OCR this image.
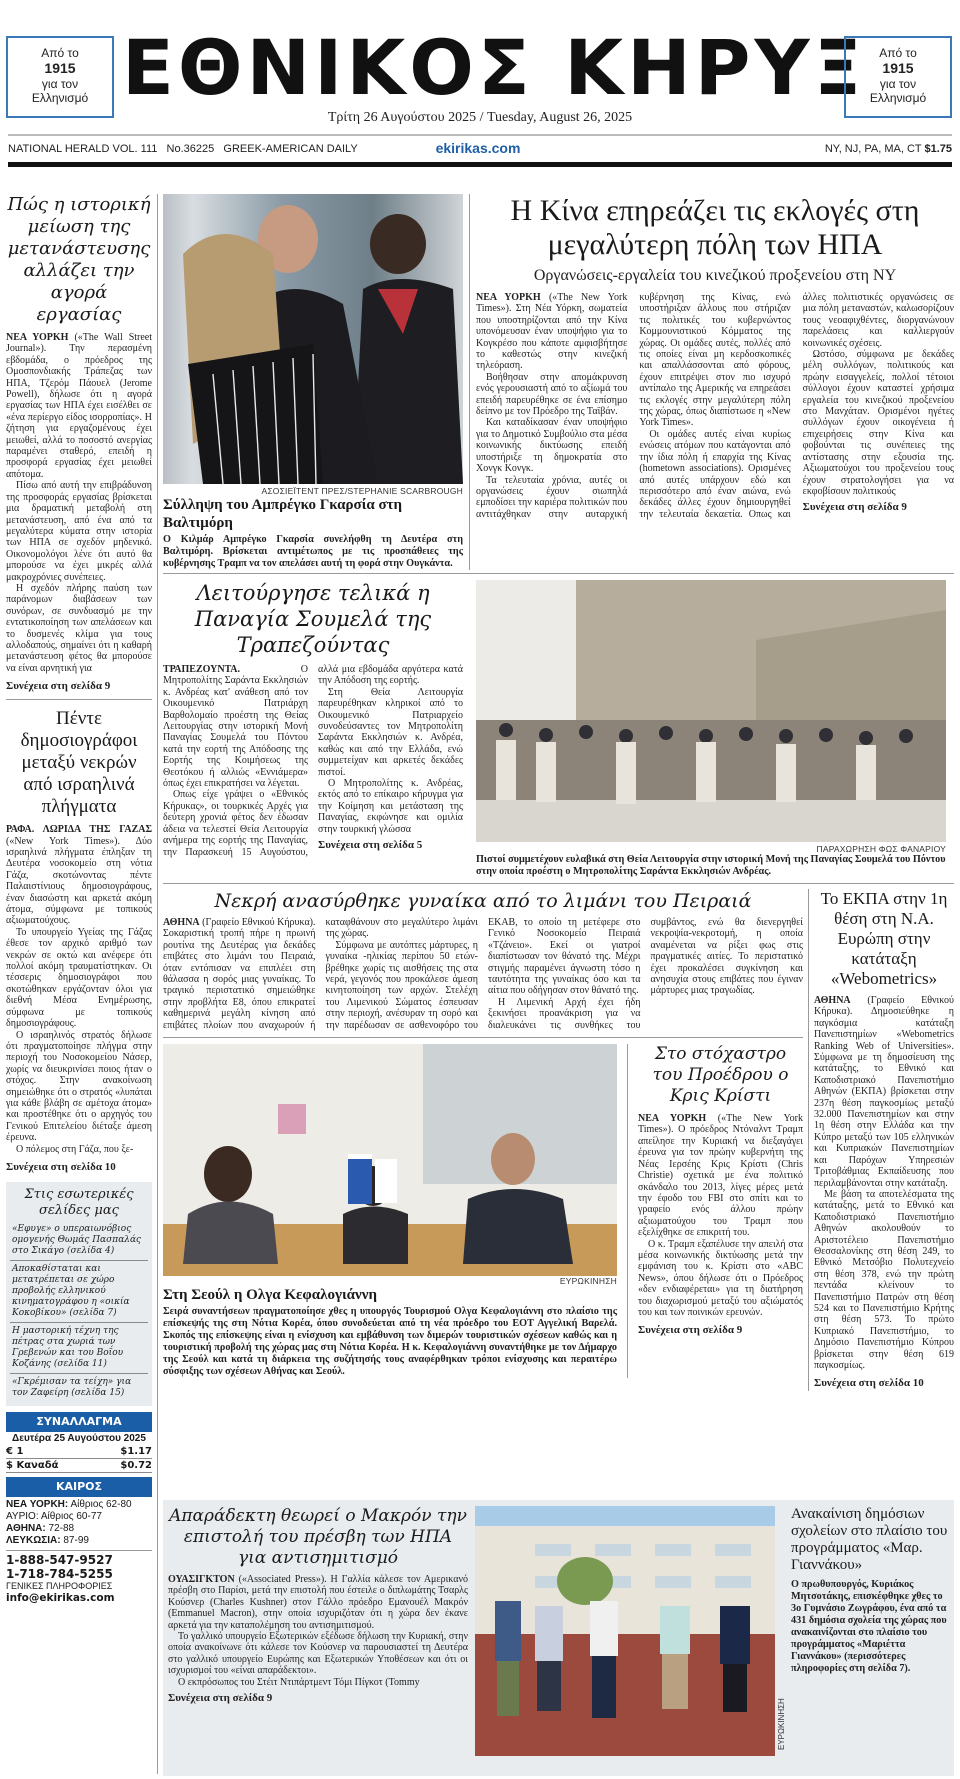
Από το
1915
για τον
Ελληνισμό ΕΘΝΙΚΟΣ ΚΗΡΥΞ	Από το
1915
για τον
Ελληνισμό
Τρίτη 26 Αυγούστου 2025 / Tuesday, August 26, 2025
NATIONAL HERALD VOL. 111   No.36225   GREEK-AMERICAN DAILY	ekirikas.com	NY, NJ, PA, MA, CT $1.75
Πώς η ιστορική μείωση της μετανάστευσης αλλάζει την αγορά εργασίας

ΝΕΑ ΥΟΡΚΗ («The Wall Street Journal»). Την περασμένη εβδομάδα, ο πρόεδρος της Ομοσπονδιακής Τράπεζας των ΗΠΑ, Τζερόμ Πάουελ (Jerome Powell), δήλωσε ότι η αγορά εργασίας των ΗΠΑ έχει εισέλθει σε «ένα περίεργο είδος ισορροπίας». Η ζήτηση για εργαζομένους έχει μειωθεί, αλλά το ποσοστό ανεργίας παραμένει σταθερό, επειδή η προσφορά εργασίας έχει μειωθεί απότομα.

Πίσω από αυτή την επιβράδυνση της προσφοράς εργασίας βρίσκεται μια δραματική μεταβολή στη μετανάστευση, από ένα από τα μεγαλύτερα κύματα στην ιστορία των ΗΠΑ σε σχεδόν μηδενικό. Οικονομολόγοι λένε ότι αυτό θα μπορούσε να έχει μικρές αλλά μακροχρόνιες συνέπειες.

Η σχεδόν πλήρης παύση των παράνομων διαβάσεων των συνόρων, σε συνδυασμό με την εντατικοποίηση των απελάσεων και το δυσμενές κλίμα για τους αλλοδαπούς, σημαίνει ότι η καθαρή μετανάστευση φέτος θα μπορούσε να είναι αρνητική για

Συνέχεια στη σελίδα 9
Πέντε δημοσιογράφοι μεταξύ νεκρών από ισραηλινά πλήγματα

ΡΑΦΑ. ΛΩΡΙΔΑ ΤΗΣ ΓΑΖΑΣ («New York Times»). Δύο ισραηλινά πλήγματα έπληξαν τη Δευτέρα νοσοκομείο στη νότια Γάζα, σκοτώνοντας πέντε Παλαιστίνιους δημοσιογράφους, έναν διασώστη και αρκετά ακόμη άτομα, σύμφωνα με τοπικούς αξιωματούχους.

Το υπουργείο Υγείας της Γάζας έθεσε τον αρχικό αριθμό των νεκρών σε οκτώ και ανέφερε ότι πολλοί ακόμη τραυματίστηκαν. Οι τέσσερις δημοσιογράφοι που σκοτώθηκαν εργάζονταν όλοι για διεθνή Μέσα Ενημέρωσης, σύμφωνα με τοπικούς δημοσιογράφους.

Ο ισραηλινός στρατός δήλωσε ότι πραγματοποίησε πλήγμα στην περιοχή του Νοσοκομείου Νάσερ, χωρίς να διευκρινίσει ποιος ήταν ο στόχος. Στην ανακοίνωση σημειώθηκε ότι ο στρατός «λυπάται για κάθε βλάβη σε αμέτοχα άτομα» και προστέθηκε ότι ο αρχηγός του Γενικού Επιτελείου διέταξε άμεση έρευνα.

Ο πόλεμος στη Γάζα, που ξε-

Συνέχεια στη σελίδα 10
Στις εσωτερικές σελίδες μας
«Εφυγε» ο υπεραιωνόβιος ομογενής Θωμάς Πασπαλάς στο Σικάγο (σελίδα 4)
Αποκαθίσταται και μετατρέπεται σε χώρο προβολής ελληνικού κινηματογράφου η «οικία Κοκοβίκου» (σελίδα 7)
Η μαστορική τέχνη της πέτρας στα χωριά των Γρεβενών και του Βοΐου Κοζάνης (σελίδα 11)
«Γκρέμισαν τα τείχη» για τον Ζαφείρη (σελίδα 15)
ΣΥΝΑΛΛΑΓΜΑ
Δευτέρα 25 Αυγούστου 2025
€ 1	$1.17
$ Καναδά	$0.72
ΚΑΙΡΟΣ
ΝΕΑ ΥΟΡΚΗ: Αίθριος 62-80
ΑΥΡΙΟ: Αίθριος 60-77
ΑΘΗΝΑ: 72-88
ΛΕΥΚΩΣΙΑ: 87-99
1-888-547-9527
1-718-784-5255
ΓΕΝΙΚΕΣ ΠΛΗΡΟΦΟΡΙΕΣ
info@ekirikas.com
ΑΣΟΣΙΕΪΤΕΝΤ ΠΡΕΣ/STEPHANIE SCARBROUGH
Σύλληψη του Αμπρέγκο Γκαρσία στη Βαλτιμόρη
Ο Κιλμάρ Αμπρέγκο Γκαρσία συνελήφθη τη Δευτέρα στη Βαλτιμόρη. Βρίσκεται αντιμέτωπος με τις προσπάθειες της κυβέρνησης Τραμπ να τον απελάσει αυτή τη φορά στην Ουγκάντα.
Η Κίνα επηρεάζει τις εκλογές στη μεγαλύτερη πόλη των ΗΠΑ
Οργανώσεις-εργαλεία του κινεζικού προξενείου στη ΝΥ

ΝΕΑ ΥΟΡΚΗ («The New York Times»). Στη Νέα Υόρκη, σωματεία που υποστηρίζονται από την Κίνα υπονόμευσαν έναν υποψήφιο για το Κογκρέσο που κάποτε αμφισβήτησε το καθεστώς στην κινεζική τηλεόραση.

Βοήθησαν στην απομάκρυνση ενός γερουσιαστή από το αξίωμά του επειδή παρευρέθηκε σε ένα επίσημο δείπνο με τον Πρόεδρο της Ταϊβάν.

Και καταδίκασαν έναν υποψήφιο για το Δημοτικό Συμβούλιο στα μέσα κοινωνικής δικτύωσης επειδή υποστήριξε τη δημοκρατία στο Χονγκ Κονγκ.

Τα τελευταία χρόνια, αυτές οι οργανώσεις έχουν σιωπηλά εμποδίσει την καριέρα πολιτικών που αντιτάχθηκαν στην αυταρχική κυβέρνηση της Κίνας, ενώ υποστήριξαν άλλους που στήριζαν τις πολιτικές του κυβερνώντος Κομμουνιστικού Κόμματος της χώρας. Οι ομάδες αυτές, πολλές από τις οποίες είναι μη κερδοσκοπικές και απαλλάσσονται από φόρους, έχουν επιτρέψει στον πιο ισχυρό αντίπαλο της Αμερικής να επηρεάσει τις εκλογές στην μεγαλύτερη πόλη της χώρας, όπως διαπίστωσε η «New York Times».

Οι ομάδες αυτές είναι κυρίως ενώσεις ατόμων που κατάγονται από την ίδια πόλη ή επαρχία της Κίνας (hometown associations). Ορισμένες από αυτές υπάρχουν εδώ και περισσότερο από έναν αιώνα, ενώ δεκάδες άλλες έχουν δημιουργηθεί την τελευταία δεκαετία. Οπως και άλλες πολιτιστικές οργανώσεις σε μια πόλη μεταναστών, καλωσορίζουν τους νεοαφιχθέντες, διοργανώνουν παρελάσεις και καλλιεργούν κοινωνικές σχέσεις.

Ωστόσο, σύμφωνα με δεκάδες μέλη συλλόγων, πολιτικούς και πρώην εισαγγελείς, πολλοί τέτοιοι σύλλογοι έχουν καταστεί χρήσιμα εργαλεία του κινεζικού προξενείου στο Μανχάταν. Ορισμένοι ηγέτες συλλόγων έχουν οικογένεια ή επιχειρήσεις στην Κίνα και φοβούνται τις συνέπειες της αντίστασης στην εξουσία της. Αξιωματούχοι του προξενείου τους έχουν στρατολογήσει για να εκφοβίσουν πολιτικούς

Συνέχεια στη σελίδα 9

Λειτούργησε τελικά η Παναγία Σουμελά της Τραπεζούντας

ΤΡΑΠΕΖΟΥΝΤΑ.	Ο Μητροπολίτης Σαράντα Εκκλησιών κ. Ανδρέας κατ' ανάθεση από τον Οικουμενικό Πατριάρχη Βαρθολομαίο προέστη της Θείας Λειτουργίας στην ιστορική Μονή Παναγίας Σουμελά του Πόντου κατά την εορτή της Απόδοσης της Εορτής της Κοιμήσεως της Θεοτόκου ή αλλιώς «Εννιάμερα» όπως έχει επικρατήσει να λέγεται.

Οπως είχε γράψει ο «Εθνικός Κήρυκας», οι τουρκικές Αρχές για δεύτερη χρονιά φέτος δεν έδωσαν άδεια να τελεστεί Θεία Λειτουργία ανήμερα της εορτής της Παναγίας, την Παρασκευή 15 Αυγούστου, αλλά μια εβδομάδα αργότερα κατά την Απόδοση της εορτής.

Στη Θεία Λειτουργία παρευρέθηκαν κληρικοί από το Οικουμενικό Πατριαρχείο συνοδεύσαντες τον Μητροπολίτη Σαράντα Εκκλησιών κ. Ανδρέα, καθώς και από την Ελλάδα, ενώ συμμετείχαν και αρκετές δεκάδες πιστοί.

Ο Μητροπολίτης κ. Ανδρέας, εκτός από το επίκαιρο κήρυγμα για την Κοίμηση και μετάσταση της Παναγίας, εκφώνησε και ομιλία στην τουρκική γλώσσα

Συνέχεια στη σελίδα 5	ΠΑΡΑΧΩΡΗΣΗ ΦΩΣ ΦΑΝΑΡΙΟΥ
Πιστοί συμμετέχουν ευλαβικά στη Θεία Λειτουργία στην ιστορική Μονή της Παναγίας Σουμελά του Πόντου στην οποία προέστη ο Μητροπολίτης Σαράντα Εκκλησιών Ανδρέας.
Νεκρή ανασύρθηκε γυναίκα από το λιμάνι του Πειραιά

ΑΘΗΝΑ (Γραφείο Εθνικού Κήρυκα). Σοκαριστική τροπή πήρε η πρωινή ρουτίνα της Δευτέρας για δεκάδες επιβάτες στο λιμάνι του Πειραιά, όταν εντόπισαν να επιπλέει στη θάλασσα η σορός μιας γυναίκας. Το τραγικό περιστατικό σημειώθηκε στην προβλήτα Ε8, όπου επικρατεί καθημερινά μεγάλη κίνηση από επιβάτες πλοίων που αναχωρούν ή καταφθάνουν στο μεγαλύτερο λιμάνι της χώρας.

Σύμφωνα με αυτόπτες μάρτυρες, η γυναίκα -ηλικίας περίπου 50 ετών- βρέθηκε χωρίς τις αισθήσεις της στα νερά, γεγονός που προκάλεσε άμεση κινητοποίηση των αρχών. Στελέχη του Λιμενικού Σώματος έσπευσαν στην περιοχή, ανέσυραν τη σορό και την παρέδωσαν σε ασθενοφόρο του ΕΚΑΒ, το οποίο τη μετέφερε στο Γενικό Νοσοκομείο Πειραιά «Τζάνειο». Εκεί οι γιατροί διαπίστωσαν τον θάνατό της. Μέχρι στιγμής παραμένει άγνωστη τόσο η ταυτότητα της γυναίκας όσο και τα αίτια που οδήγησαν στον θάνατό της.

Η Λιμενική Αρχή έχει ήδη ξεκινήσει προανάκριση για να διαλευκάνει τις συνθήκες του συμβάντος, ενώ θα διενεργηθεί νεκροψία-νεκροτομή, η οποία αναμένεται να ρίξει φως στις πραγματικές αιτίες. Το περιστατικό έχει προκαλέσει συγκίνηση και ανησυχία στους επιβάτες που έγιναν μάρτυρες μιας τραγωδίας.

ΕΥΡΩΚΙΝΗΣΗ
Στη Σεούλ η Ολγα Κεφαλογιάννη
Σειρά συναντήσεων πραγματοποίησε χθες η υπουργός Τουρισμού Ολγα Κεφαλογιάννη στο πλαίσιο της επίσκεψής της στη Νότια Κορέα, όπου συνοδεύεται από τη νέα πρόεδρο του ΕΟΤ Αγγελική Βαρελά. Σκοπός της επίσκεψης είναι η ενίσχυση και εμβάθυνση των διμερών τουριστικών σχέσεων καθώς και η τουριστική προβολή της χώρας μας στη Νότια Κορέα. Η κ. Κεφαλογιάννη συναντήθηκε με τον Δήμαρχο της Σεούλ και κατά τη διάρκεια της συζήτησής τους αναφέρθηκαν τρόποι ενίσχυσης και περαιτέρω σύσφιξης των σχέσεων Αθήνας και Σεούλ.
Στο στόχαστρο του Προέδρου ο Κρις Κρίστι

ΝΕΑ ΥΟΡΚΗ («The New York Times»). Ο πρόεδρος Ντόναλντ Τραμπ απείλησε την Κυριακή να διεξαγάγει έρευνα για τον πρώην κυβερνήτη της Νέας Ιερσέης Κρις Κρίστι (Chris Christie) σχετικά με ένα πολιτικό σκάνδαλο του 2013, λίγες μέρες μετά την έφοδο του FBI στο σπίτι και το γραφείο ενός άλλου πρώην αξιωματούχου του Τραμπ που εξελίχθηκε σε επικριτή του.

Ο κ. Τραμπ εξαπέλυσε την απειλή στα μέσα κοινωνικής δικτύωσης μετά την εμφάνιση του κ. Κρίστι στο «ABC News», όπου δήλωσε ότι ο Πρόεδρος «δεν ενδιαφέρεται» για τη διατήρηση του διαχωρισμού μεταξύ του αξιώματός του και των ποινικών ερευνών.

Συνέχεια στη σελίδα 9
Το ΕΚΠΑ στην 1η θέση στη Ν.Α. Ευρώπη στην κατάταξη «Webometrics»

ΑΘΗΝΑ (Γραφείο Εθνικού Κήρυκα). Δημοσιεύθηκε η παγκόσμια κατάταξη Πανεπιστημίων «Webometrics Ranking Web of Universities». Σύμφωνα με τη δημοσίευση της κατάταξης, το Εθνικό και Καποδιστριακό Πανεπιστήμιο Αθηνών (ΕΚΠΑ) βρίσκεται στην 237η θέση παγκοσμίως μεταξύ 32.000 Πανεπιστημίων και στην 1η θέση στην Ελλάδα και την Κύπρο μεταξύ των 105 ελληνικών και Κυπριακών Πανεπιστημίων και Παρόχων Υπηρεσιών Τριτοβάθμιας Εκπαίδευσης που περιλαμβάνονται στην κατάταξη.

Με βάση τα αποτελέσματα της κατάταξης, μετά το Εθνικό και Καποδιστριακό Πανεπιστήμιο Αθηνών ακολουθούν το Αριστοτέλειο Πανεπιστήμιο Θεσσαλονίκης στη θέση 249, το Εθνικό Μετσόβιο Πολυτεχνείο στη θέση 378, ενώ την πρώτη πεντάδα κλείνουν το Πανεπιστήμιο Πατρών στη θέση 524 και το Πανεπιστήμιο Κρήτης στη θέση 573. Το πρώτο Κυπριακό Πανεπιστήμιο, το Δημόσιο Πανεπιστήμιο Κύπρου βρίσκεται στην θέση 619 παγκοσμίως.

Συνέχεια στη σελίδα 10
Απαράδεκτη θεωρεί ο Μακρόν την επιστολή του πρέσβη των ΗΠΑ για αντισημιτισμό

ΟΥΑΣΙΓΚΤΟΝ («Associated Press»). Η Γαλλία κάλεσε τον Αμερικανό πρέσβη στο Παρίσι, μετά την επιστολή που έστειλε ο διπλωμάτης Τσαρλς Κούσνερ (Charles Kushner) στον Γάλλο πρόεδρο Εμανουέλ Μακρόν (Emmanuel Macron), στην οποία ισχυριζόταν ότι η χώρα δεν έκανε αρκετά για την καταπολέμηση του αντισημιτισμού.

Το γαλλικό υπουργείο Εξωτερικών εξέδωσε δήλωση την Κυριακή, στην οποία ανακοίνωνε ότι κάλεσε τον Κούσνερ να παρουσιαστεί τη Δευτέρα στο γαλλικό υπουργείο Ευρώπης και Εξωτερικών Υποθέσεων και ότι οι ισχυρισμοί του «είναι απαράδεκτοι».

Ο εκπρόσωπος του Στέιτ Ντιπάρτμεντ Τόμι Πίγκοτ (Tommy

Συνέχεια στη σελίδα 9
ΕΥΡΩΚΙΝΗΣΗ
Ανακαίνιση δημόσιων σχολείων στο πλαίσιο του προγράμματος «Μαρ. Γιαννάκου»
Ο πρωθυπουργός, Κυριάκος Μητσοτάκης, επισκέφθηκε χθες το 3ο Γυμνάσιο Ζωγράφου, ένα από τα 431 δημόσια σχολεία της χώρας που ανακαινίζονται στο πλαίσιο του προγράμματος «Μαριέττα Γιαννάκου» (περισσότερες πληροφορίες στη σελίδα 7).
